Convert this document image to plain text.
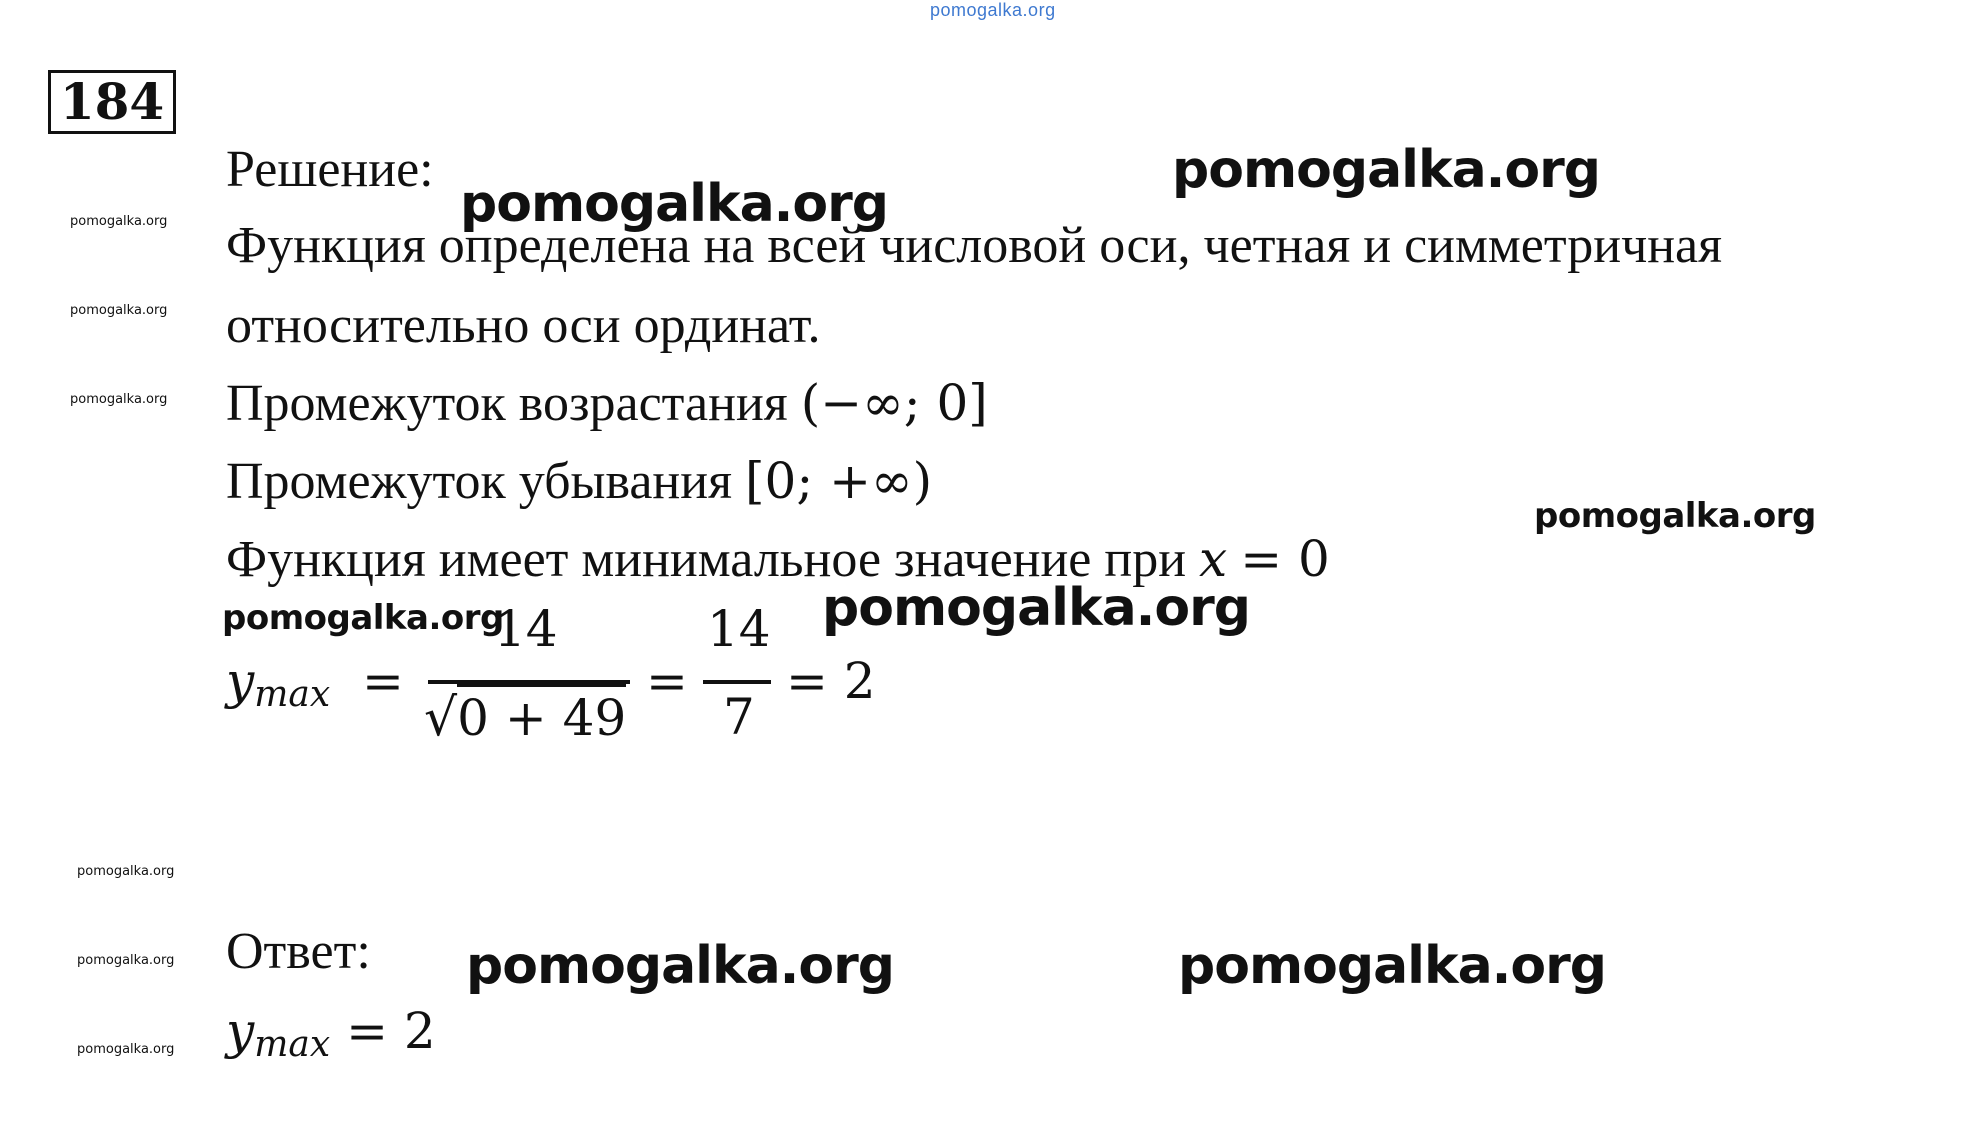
pomogalka.org
184
pomogalka.org
pomogalka.org
pomogalka.org
pomogalka.org
pomogalka.org
pomogalka.org
Решение:
pomogalka.org
pomogalka.org
Функция определена на всей числовой оси, четная и симметричная
относительно оси ординат.
Промежуток возрастания (−∞; 0]
Промежуток убывания [0; +∞)
pomogalka.org
Функция имеет минимальное значение при x = 0
pomogalka.org	pomogalka.org
ymax =
14
√0 + 49
=
14
7
= 2
Ответ: pomogalka.org	pomogalka.org
ymax = 2
